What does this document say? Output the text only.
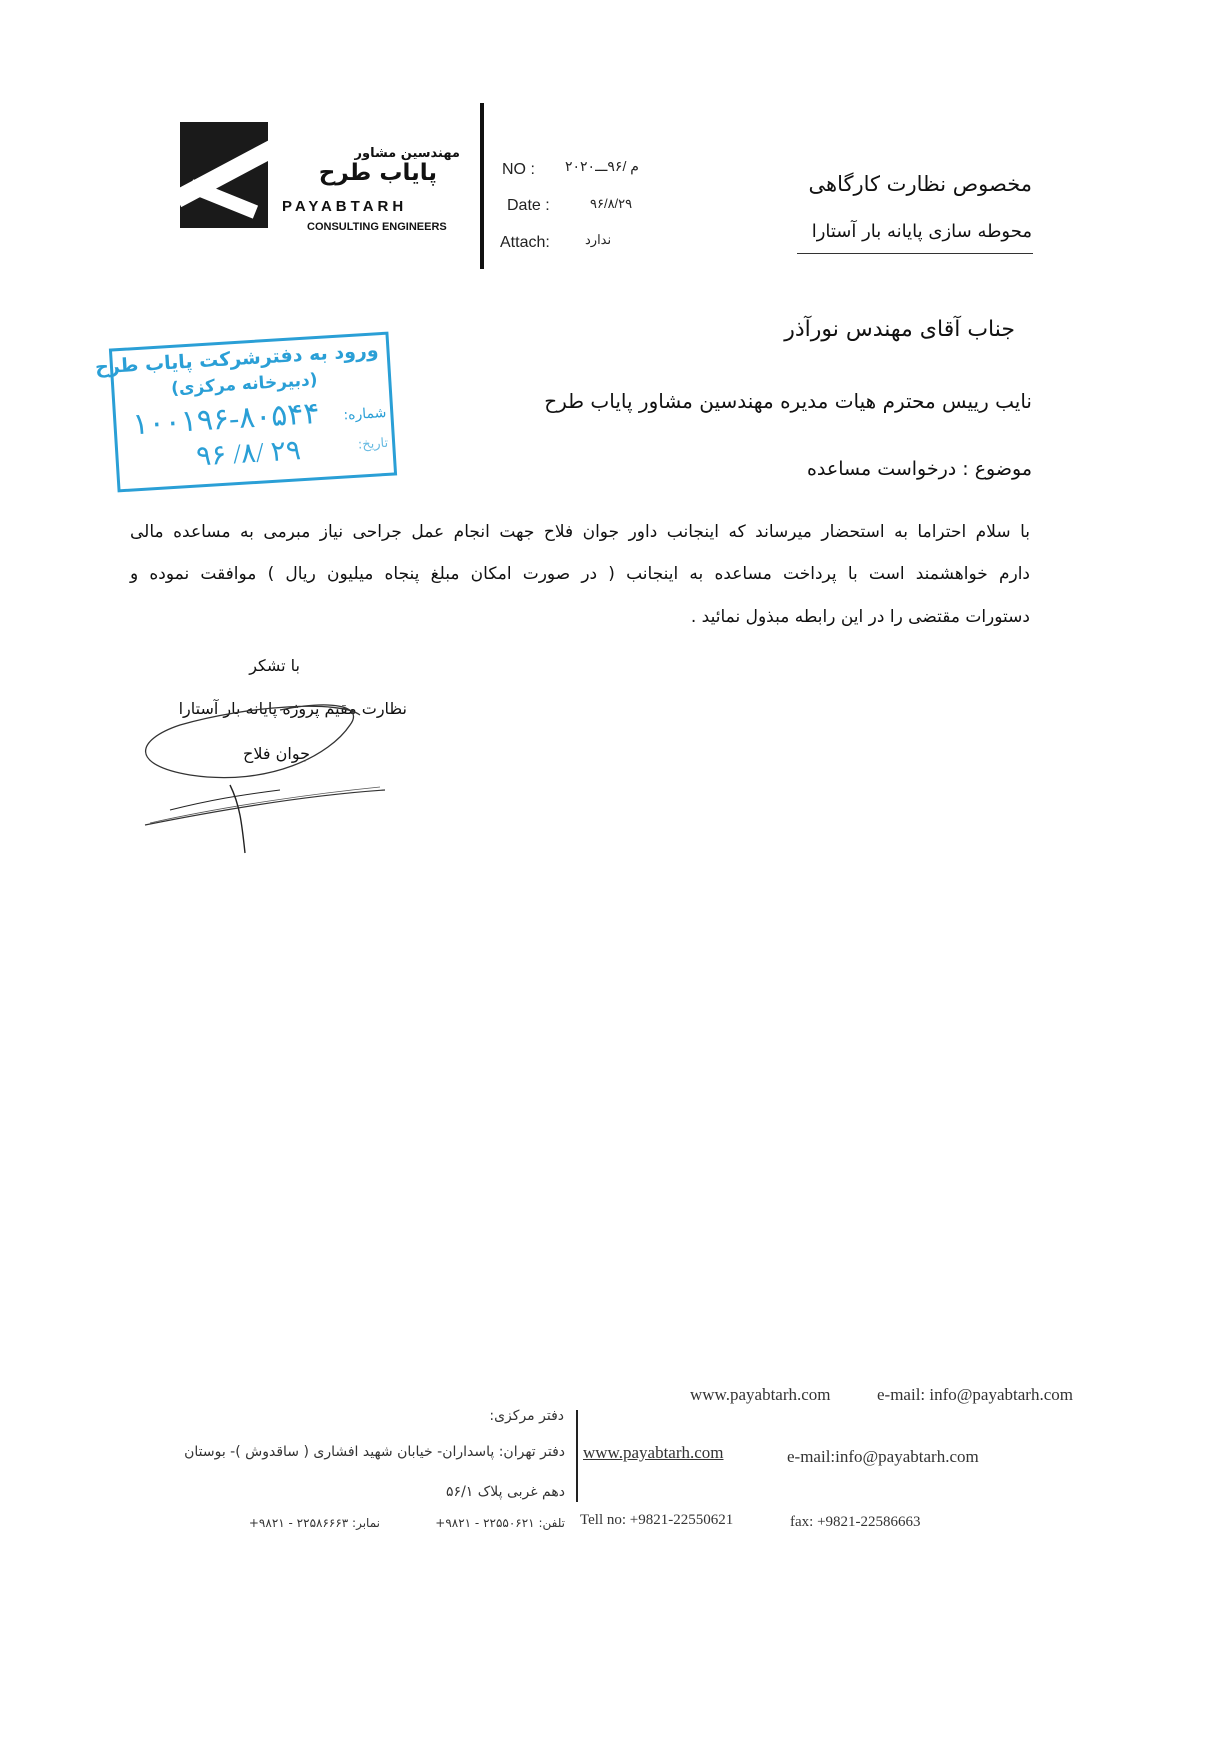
مهندسین مشاور
پایاب طرح
PAYABTARH
CONSULTING ENGINEERS
NO : م /۹۶ـــ۲۰۲۰
Date :	۹۶/۸/۲۹
Attach:	ندارد
مخصوص نظارت کارگاهی
محوطه سازی پایانه بار آستارا
جناب آقای مهندس نورآذر
نایب رییس محترم هیات مدیره مهندسین مشاور پایاب طرح
موضوع : درخواست مساعده
با سلام احتراما به استحضار میرساند که اینجانب داور جوان فلاح جهت انجام عمل جراحی نیاز مبرمی به مساعده مالی
دارم خواهشمند است با پرداخت مساعده به اینجانب ( در صورت امکان مبلغ پنجاه میلیون ریال ) موافقت نموده و
دستورات مقتضی را در این رابطه مبذول نمائید .
با تشکر
نظارت مقیم پروژه پایانه بار آستارا
جوان فلاح
ورود به دفترشرکت پایاب طرح
(دبیرخانه مرکزی)
شماره:
۱۰۰۱۹۶-۸۰۵۴۴
تاریخ:
۹۶ /۸/ ۲۹
www.payabtarh.com	e-mail: info@payabtarh.com
دفتر مرکزی:
دفتر تهران: پاسداران- خیابان شهید افشاری ( ساقدوش )- بوستان
دهم غربی پلاک ۵۶/۱
تلفن: ۲۲۵۵۰۶۲۱ - ۹۸۲۱+
نمابر: ۲۲۵۸۶۶۶۳ - ۹۸۲۱+
www.payabtarh.com	e-mail:info@payabtarh.com
Tell no: +9821-22550621	fax: +9821-22586663
